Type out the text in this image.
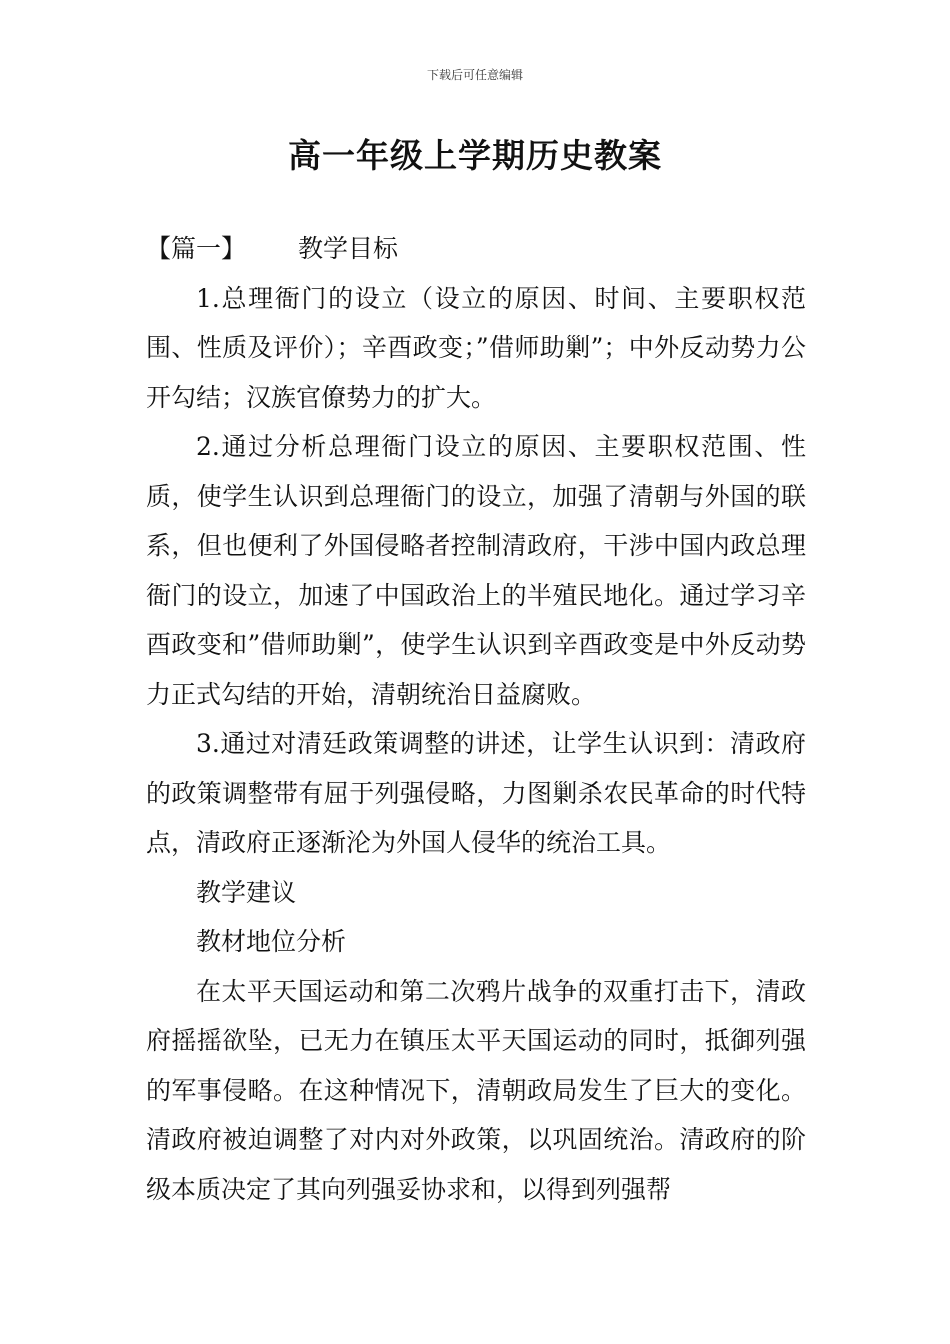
下载后可任意编辑
高一年级上学期历史教案

【篇一】 教学目标

1.总理衙门的设立（设立的原因、时间、主要职权范围、性质及评价）；辛酉政变；”借师助剿”；中外反动势力公开勾结；汉族官僚势力的扩大。

2.通过分析总理衙门设立的原因、主要职权范围、性质，使学生认识到总理衙门的设立，加强了清朝与外国的联系，但也便利了外国侵略者控制清政府，干涉中国内政总理衙门的设立，加速了中国政治上的半殖民地化。通过学习辛酉政变和”借师助剿”，使学生认识到辛酉政变是中外反动势力正式勾结的开始，清朝统治日益腐败。

3.通过对清廷政策调整的讲述，让学生认识到：清政府的政策调整带有屈于列强侵略，力图剿杀农民革命的时代特点，清政府正逐渐沦为外国人侵华的统治工具。

教学建议

教材地位分析

在太平天国运动和第二次鸦片战争的双重打击下，清政府摇摇欲坠，已无力在镇压太平天国运动的同时，抵御列强的军事侵略。在这种情况下，清朝政局发生了巨大的变化。清政府被迫调整了对内对外政策，以巩固统治。清政府的阶级本质决定了其向列强妥协求和，以得到列强帮
